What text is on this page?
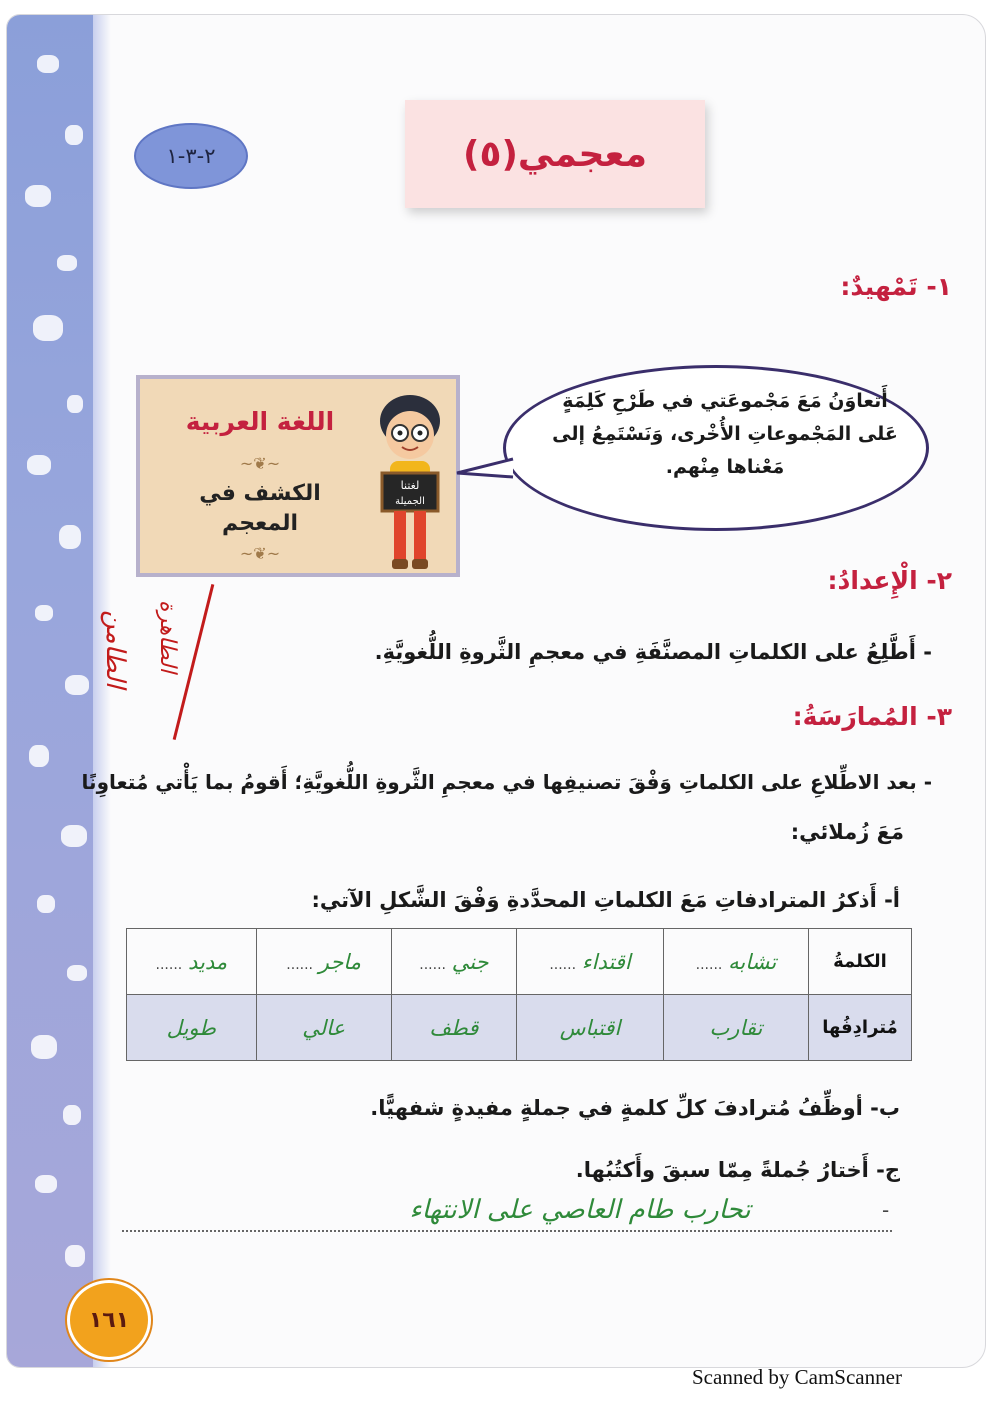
٢-٣-١	معجمي(٥)
١- تَمْهيدٌ:
اللغة العربية
~❦~
الكشف في
المعجم
~❦~
لغتنا
الجميلة
أَتعاوَنُ مَعَ مَجْموعَتي في طَرْحِ كَلِمَةٍ
عَلى المَجْموعاتِ الأُخْرى، وَنَسْتَمِعُ إلى
مَعْناها مِنْهم.
٢- الْإِعدادُ:
- أَطَّلِعُ على الكلماتِ المصنَّفَةِ في معجمِ الثَّروةِ اللُّغويَّةِ.
الطامن الطاهرة
٣- المُمارَسَةُ:
- بعد الاطِّلاعِ على الكلماتِ وَفْقَ تصنيفِها في معجمِ الثَّروةِ اللُّغويَّةِ؛ أَقومُ بما يَأْتي مُتعاوِنًا
مَعَ زُملائي:
أ- أَذكرُ المترادفاتِ مَعَ الكلماتِ المحدَّدةِ وَفْقَ الشَّكلِ الآتي:
الكلمةُ	تشابه ......	اقتداء ......	جني ......	ماجر ......	مديد ......
مُترادِفُها	تقارب	اقتباس	قطف	عالي	طويل
ب- أوظِّفُ مُترادفَ كلِّ كلمةٍ في جملةٍ مفيدةٍ شفهيًّا.
ج- أَختارُ جُملةً مِمّا سبقَ وأَكتُبُها.
تحارب طام العاصي على الانتهاء	-
١٦١
Scanned by CamScanner
